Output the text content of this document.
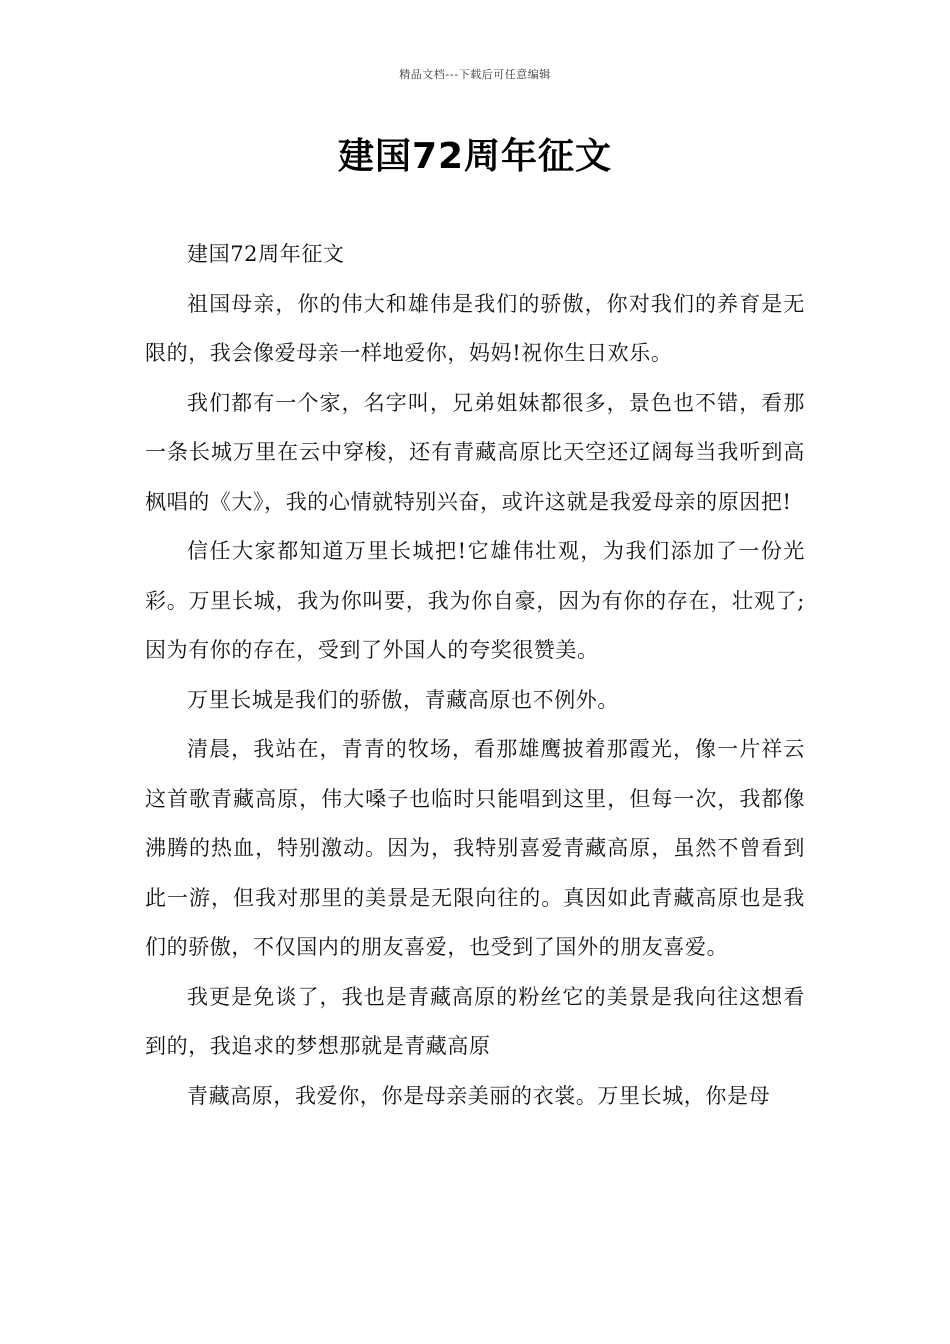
精品文档---下载后可任意编辑
建国72周年征文

建国72周年征文

祖国母亲，你的伟大和雄伟是我们的骄傲，你对我们的养育是无限的，我会像爱母亲一样地爱你，妈妈!祝你生日欢乐。

我们都有一个家，名字叫，兄弟姐妹都很多，景色也不错，看那一条长城万里在云中穿梭，还有青藏高原比天空还辽阔每当我听到高枫唱的《大》，我的心情就特别兴奋，或许这就是我爱母亲的原因把!

信任大家都知道万里长城把!它雄伟壮观，为我们添加了一份光彩。万里长城，我为你叫要，我为你自豪，因为有你的存在，壮观了;因为有你的存在，受到了外国人的夸奖很赞美。

万里长城是我们的骄傲，青藏高原也不例外。

清晨，我站在，青青的牧场，看那雄鹰披着那霞光，像一片祥云这首歌青藏高原，伟大嗓子也临时只能唱到这里，但每一次，我都像沸腾的热血，特别激动。因为，我特别喜爱青藏高原，虽然不曾看到此一游，但我对那里的美景是无限向往的。真因如此青藏高原也是我们的骄傲，不仅国内的朋友喜爱，也受到了国外的朋友喜爱。

我更是免谈了，我也是青藏高原的粉丝它的美景是我向往这想看到的，我追求的梦想那就是青藏高原

青藏高原，我爱你，你是母亲美丽的衣裳。万里长城，你是母
